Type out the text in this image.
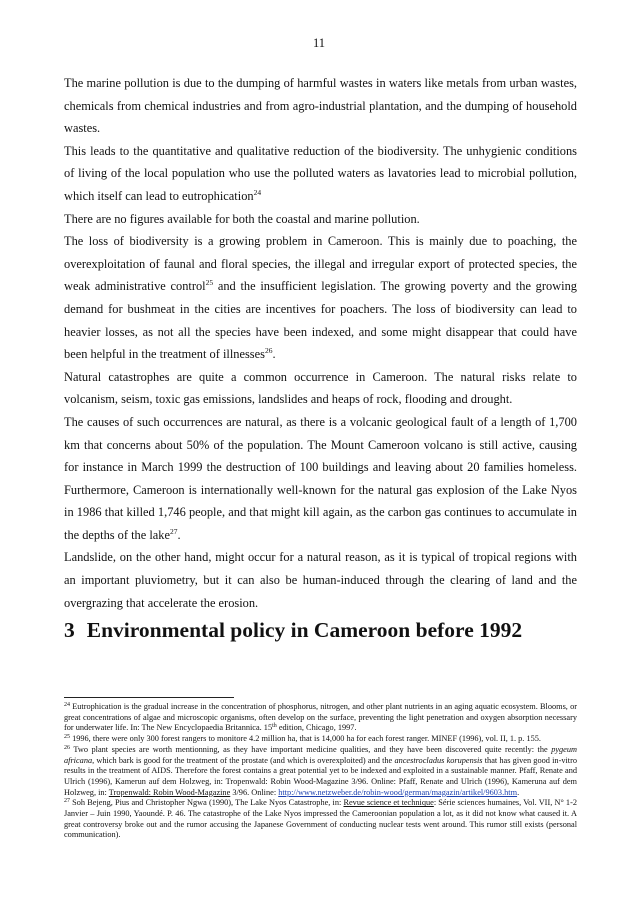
11

The marine pollution is due to the dumping of harmful wastes in waters like metals from urban wastes, chemicals from chemical industries and from agro-industrial plantation, and the dumping of household wastes.

This leads to the quantitative and qualitative reduction of the biodiversity. The unhygienic conditions of living of the local population who use the polluted waters as lavatories lead to microbial pollution, which itself can lead to eutrophication$^{24}$

There are no figures available for both the coastal and marine pollution.

The loss of biodiversity is a growing problem in Cameroon. This is mainly due to poaching, the overexploitation of faunal and floral species, the illegal and irregular export of protected species, the weak administrative control$^{25}$ and the insufficient legislation. The growing poverty and the growing demand for bushmeat in the cities are incentives for poachers. The loss of biodiversity can lead to heavier losses, as not all the species have been indexed, and some might disappear that could have been helpful in the treatment of illnesses$^{26}$.

Natural catastrophes are quite a common occurrence in Cameroon. The natural risks relate to volcanism, seism, toxic gas emissions, landslides and heaps of rock, flooding and drought.

The causes of such occurrences are natural, as there is a volcanic geological fault of a length of 1,700 km that concerns about 50% of the population. The Mount Cameroon volcano is still active, causing for instance in March 1999 the destruction of 100 buildings and leaving about 20 families homeless. Furthermore, Cameroon is internationally well-known for the natural gas explosion of the Lake Nyos in 1986 that killed 1,746 people, and that might kill again, as the carbon gas continues to accumulate in the depths of the lake$^{27}$.

Landslide, on the other hand, might occur for a natural reason, as it is typical of tropical regions with an important pluviometry, but it can also be human-induced through the clearing of land and the overgrazing that accelerate the erosion.

3 Environmental policy in Cameroon before 1992

$^{24}$ Eutrophication is the gradual increase in the concentration of phosphorus, nitrogen, and other plant nutrients in an aging aquatic ecosystem. Blooms, or great concentrations of algae and microscopic organisms, often develop on the surface, preventing the light penetration and oxygen absorption necessary for underwater life. In: The New Encyclopaedia Britannica. 15th edition, Chicago, 1997.

$^{25}$ 1996, there were only 300 forest rangers to monitore 4.2 million ha, that is 14,000 ha for each forest ranger. MINEF (1996), vol. II, 1. p. 155.

$^{26}$ Two plant species are worth mentionning, as they have important medicine qualities, and they have been discovered quite recently: the pygeum africana, which bark is good for the treatment of the prostate (and which is overexploited) and the ancestrocladus korupensis that has given good in-vitro results in the treatment of AIDS. Therefore the forest contains a great potential yet to be indexed and exploited in a sustainable manner. Pfaff, Renate and Ulrich (1996), Kamerun auf dem Holzweg, in: Tropenwald: Robin Wood-Magazine 3/96. Online: Pfaff, Renate and Ulrich (1996), Kameruna auf dem Holzweg, in: Tropenwald: Robin Wood-Magazine 3/96. Online: http://www.netzweber.de/robin-wood/german/magazin/artikel/9603.htm.

$^{27}$ Soh Bejeng, Pius and Christopher Ngwa (1990), The Lake Nyos Catastrophe, in: Revue science et technique: Série sciences humaines, Vol. VII, N° 1-2 Janvier – Juin 1990, Yaoundé. P. 46. The catastrophe of the Lake Nyos impressed the Cameroonian population a lot, as it did not know what caused it. A great controversy broke out and the rumor accusing the Japanese Government of conducting nuclear tests went around. This rumor still exists (personal communication).
